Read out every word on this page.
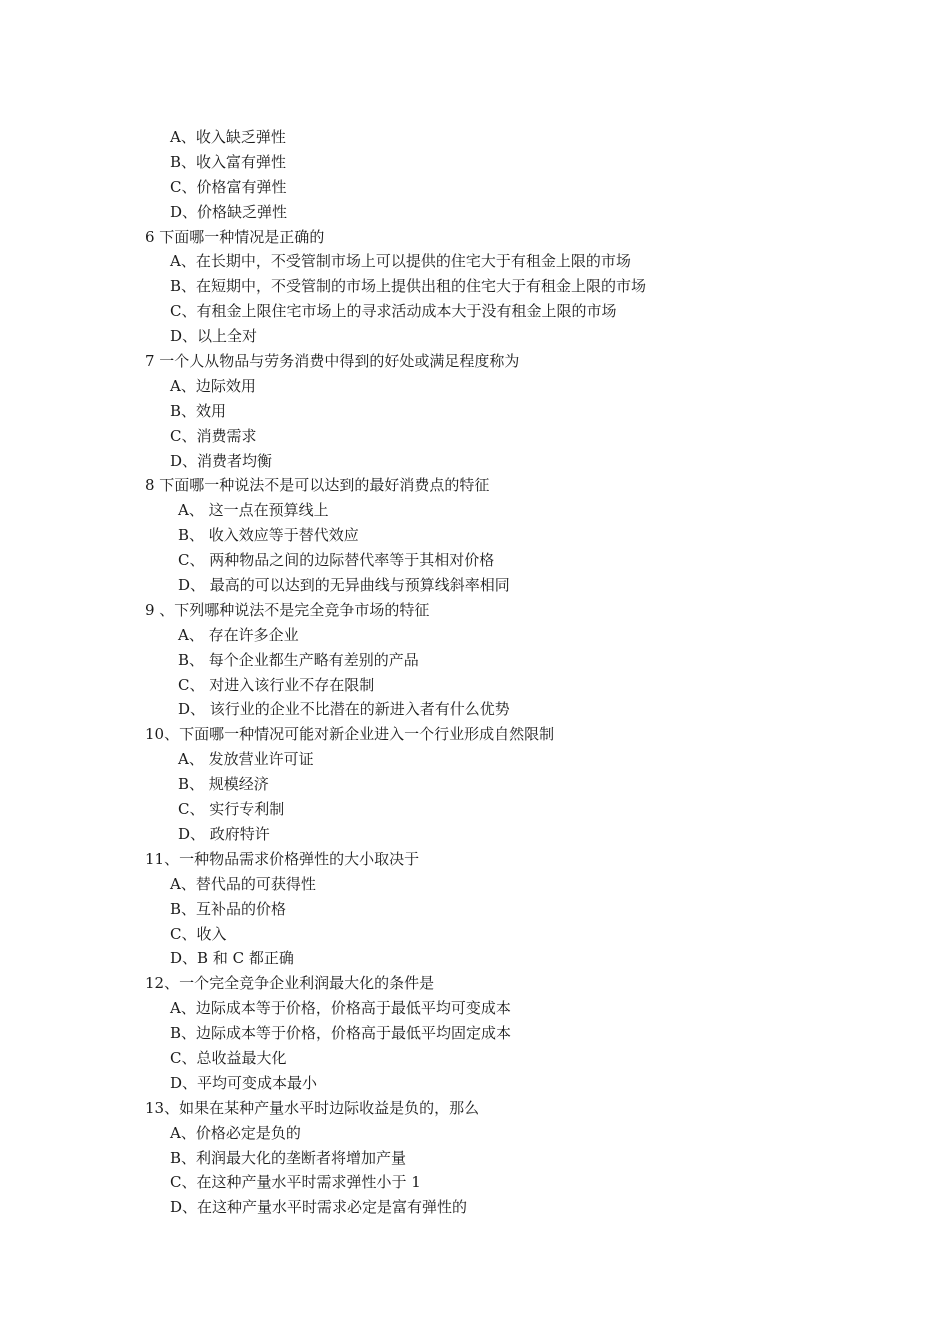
A、收入缺乏弹性
B、收入富有弹性
C、价格富有弹性
D、价格缺乏弹性
6 下面哪一种情况是正确的
A、在长期中，不受管制市场上可以提供的住宅大于有租金上限的市场
B、在短期中，不受管制的市场上提供出租的住宅大于有租金上限的市场
C、有租金上限住宅市场上的寻求活动成本大于没有租金上限的市场
D、以上全对
7 一个人从物品与劳务消费中得到的好处或满足程度称为
A、边际效用
B、效用
C、消费需求
D、消费者均衡
8 下面哪一种说法不是可以达到的最好消费点的特征
A、 这一点在预算线上
B、 收入效应等于替代效应
C、 两种物品之间的边际替代率等于其相对价格
D、 最高的可以达到的无异曲线与预算线斜率相同
9 、下列哪种说法不是完全竞争市场的特征
A、 存在许多企业
B、 每个企业都生产略有差别的产品
C、 对进入该行业不存在限制
D、 该行业的企业不比潜在的新进入者有什么优势
10、下面哪一种情况可能对新企业进入一个行业形成自然限制
A、 发放营业许可证
B、 规模经济
C、 实行专利制
D、 政府特许
11、一种物品需求价格弹性的大小取决于
A、替代品的可获得性
B、互补品的价格
C、收入
D、B 和 C 都正确
12、一个完全竞争企业利润最大化的条件是
A、边际成本等于价格，价格高于最低平均可变成本
B、边际成本等于价格，价格高于最低平均固定成本
C、总收益最大化
D、平均可变成本最小
13、如果在某种产量水平时边际收益是负的，那么
A、价格必定是负的
B、利润最大化的垄断者将增加产量
C、在这种产量水平时需求弹性小于 1
D、在这种产量水平时需求必定是富有弹性的
